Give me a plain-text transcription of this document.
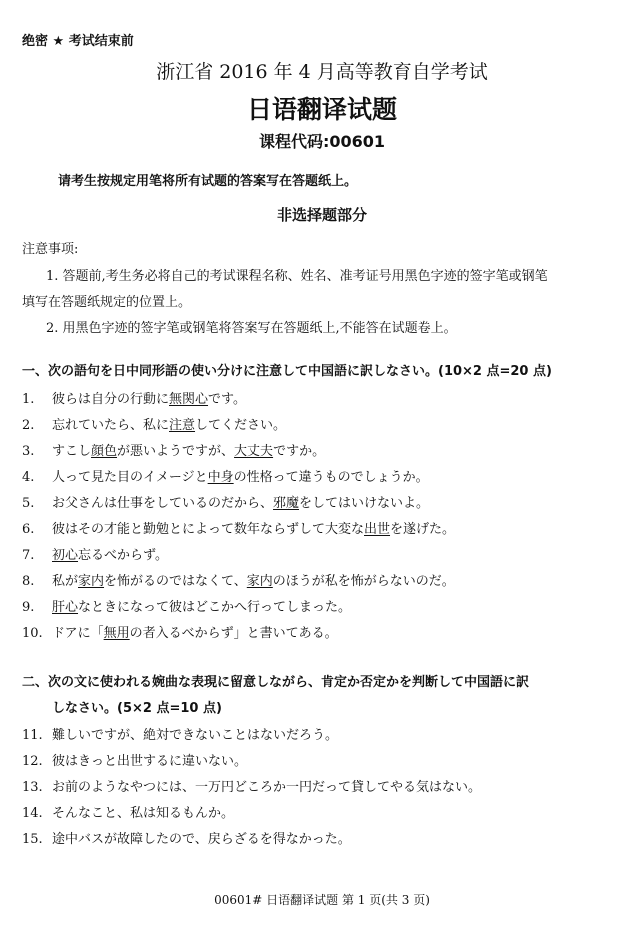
绝密 ★ 考试结束前
浙江省 2016 年 4 月高等教育自学考试
日语翻译试题
课程代码:00601
请考生按规定用笔将所有试题的答案写在答题纸上。
非选择题部分
注意事项:
1. 答题前,考生务必将自己的考试课程名称、姓名、准考证号用黑色字迹的签字笔或钢笔
填写在答题纸规定的位置上。
2. 用黑色字迹的签字笔或钢笔将答案写在答题纸上,不能答在试题卷上。
一、次の語句を日中同形語の使い分けに注意して中国語に訳しなさい。(10×2 点=20 点)
1. 彼らは自分の行動に無関心です。
2. 忘れていたら、私に注意してください。
3. すこし顔色が悪いようですが、大丈夫ですか。
4. 人って見た目のイメージと中身の性格って違うものでしょうか。
5. お父さんは仕事をしているのだから、邪魔をしてはいけないよ。
6. 彼はその才能と勤勉とによって数年ならずして大変な出世を遂げた。
7. 初心忘るべからず。
8. 私が家内を怖がるのではなくて、家内のほうが私を怖がらないのだ。
9. 肝心なときになって彼はどこかへ行ってしまった。
10. ドアに「無用の者入るべからず」と書いてある。
二、次の文に使われる婉曲な表現に留意しながら、肯定か否定かを判断して中国語に訳
しなさい。(5×2 点=10 点)
11. 難しいですが、絶対できないことはないだろう。
12. 彼はきっと出世するに違いない。
13. お前のようなやつには、一万円どころか一円だって貸してやる気はない。
14. そんなこと、私は知るもんか。
15. 途中バスが故障したので、戻らざるを得なかった。
00601# 日语翻译试题 第 1 页(共 3 页)
